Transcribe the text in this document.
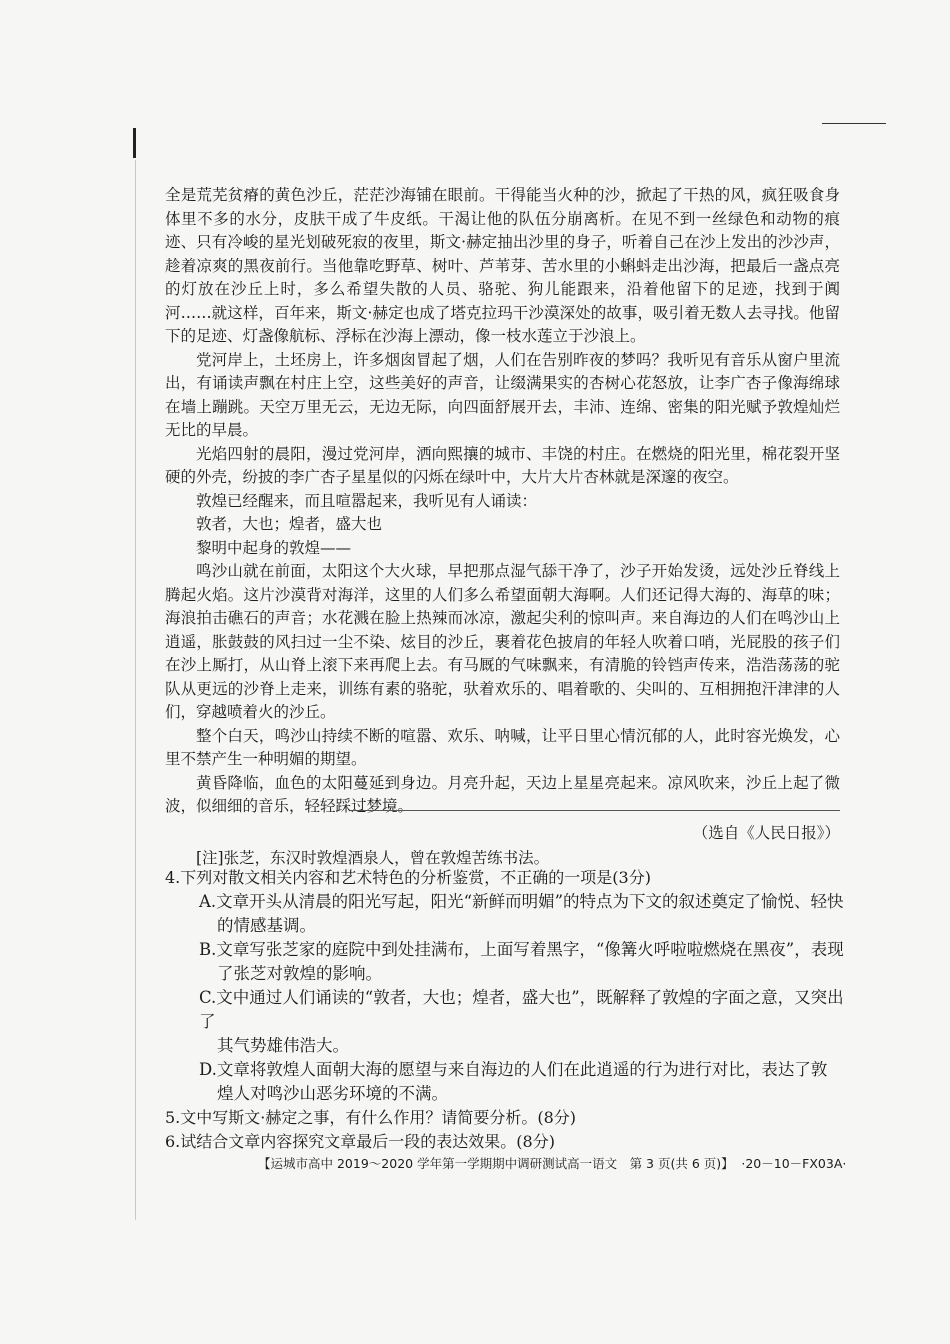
全是荒芜贫瘠的黄色沙丘，茫茫沙海铺在眼前。干得能当火种的沙，掀起了干热的风，疯狂吸食身体里不多的水分，皮肤干成了牛皮纸。干渴让他的队伍分崩离析。在见不到一丝绿色和动物的痕迹、只有冷峻的星光划破死寂的夜里，斯文·赫定抽出沙里的身子，听着自己在沙上发出的沙沙声，趁着凉爽的黑夜前行。当他靠吃野草、树叶、芦苇芽、苦水里的小蝌蚪走出沙海，把最后一盏点亮的灯放在沙丘上时，多么希望失散的人员、骆驼、狗儿能跟来，沿着他留下的足迹，找到于阗河……就这样，百年来，斯文·赫定也成了塔克拉玛干沙漠深处的故事，吸引着无数人去寻找。他留下的足迹、灯盏像航标、浮标在沙海上漂动，像一枝水莲立于沙浪上。

党河岸上，土坯房上，许多烟囱冒起了烟，人们在告别昨夜的梦吗？我听见有音乐从窗户里流出，有诵读声飘在村庄上空，这些美好的声音，让缀满果实的杏树心花怒放，让李广杏子像海绵球在墙上蹦跳。天空万里无云，无边无际，向四面舒展开去，丰沛、连绵、密集的阳光赋予敦煌灿烂无比的早晨。

光焰四射的晨阳，漫过党河岸，洒向熙攘的城市、丰饶的村庄。在燃烧的阳光里，棉花裂开坚硬的外壳，纷披的李广杏子星星似的闪烁在绿叶中，大片大片杏林就是深邃的夜空。

敦煌已经醒来，而且喧嚣起来，我听见有人诵读：

敦者，大也；煌者，盛大也

黎明中起身的敦煌——

鸣沙山就在前面，太阳这个大火球，早把那点湿气舔干净了，沙子开始发烫，远处沙丘脊线上腾起火焰。这片沙漠背对海洋，这里的人们多么希望面朝大海啊。人们还记得大海的、海草的味；海浪拍击礁石的声音；水花溅在脸上热辣而冰凉，激起尖利的惊叫声。来自海边的人们在鸣沙山上逍遥，胀鼓鼓的风扫过一尘不染、炫目的沙丘，裹着花色披肩的年轻人吹着口哨，光屁股的孩子们在沙上厮打，从山脊上滚下来再爬上去。有马厩的气味飘来，有清脆的铃铛声传来，浩浩荡荡的驼队从更远的沙脊上走来，训练有素的骆驼，驮着欢乐的、唱着歌的、尖叫的、互相拥抱汗津津的人们，穿越喷着火的沙丘。

整个白天，鸣沙山持续不断的喧嚣、欢乐、呐喊，让平日里心情沉郁的人，此时容光焕发，心里不禁产生一种明媚的期望。

黄昏降临，血色的太阳蔓延到身边。月亮升起，天边上星星亮起来。凉风吹来，沙丘上起了微波，似细细的音乐，轻轻踩过梦境。

（选自《人民日报》）
[注]张芝，东汉时敦煌酒泉人，曾在敦煌苦练书法。

4.下列对散文相关内容和艺术特色的分析鉴赏，不正确的一项是(3分)

A.文章开头从清晨的阳光写起，阳光“新鲜而明媚”的特点为下文的叙述奠定了愉悦、轻快
的情感基调。

B.文章写张芝家的庭院中到处挂满布，上面写着黑字，“像篝火呼啦啦燃烧在黑夜”，表现
了张芝对敦煌的影响。

C.文中通过人们诵读的“敦者，大也；煌者，盛大也”，既解释了敦煌的字面之意，又突出了
其气势雄伟浩大。

D.文章将敦煌人面朝大海的愿望与来自海边的人们在此逍遥的行为进行对比，表达了敦
煌人对鸣沙山恶劣环境的不满。

5.文中写斯文·赫定之事，有什么作用？请简要分析。(8分)

6.试结合文章内容探究文章最后一段的表达效果。(8分)

【运城市高中 2019～2020 学年第一学期期中调研测试高一语文　第 3 页(共 6 页)】 ·20－10－FX03A·
